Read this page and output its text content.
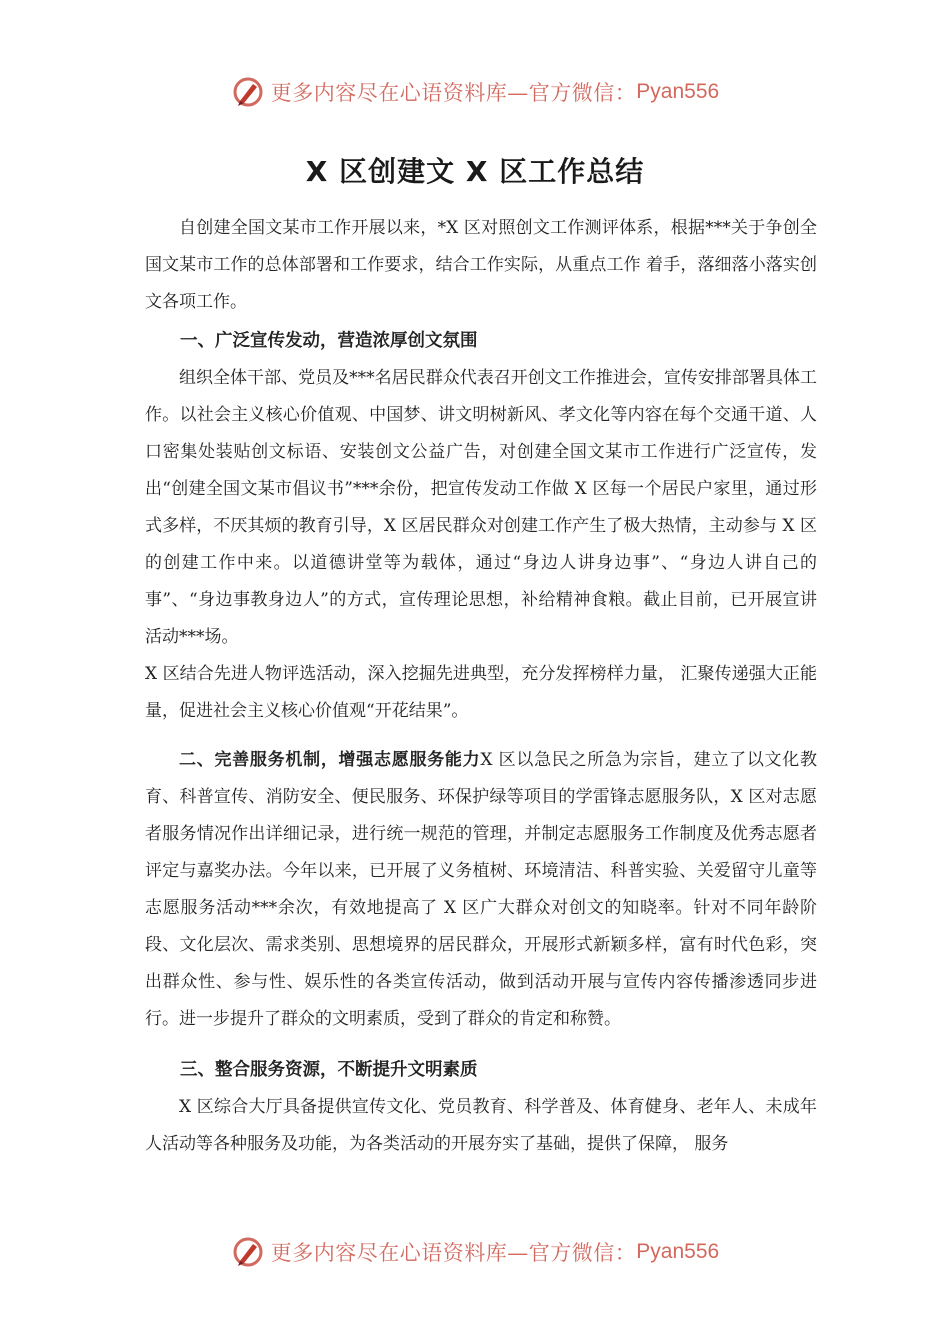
更多内容尽在心语资料库—官方微信： Pyan556
X 区创建文 X 区工作总结

自创建全国文某市工作开展以来，*X 区对照创文工作测评体系，根据***关于争创全国文某市工作的总体部署和工作要求，结合工作实际，从重点工作 着手，落细落小落实创文各项工作。

一、广泛宣传发动，营造浓厚创文氛围

组织全体干部、党员及***名居民群众代表召开创文工作推进会，宣传安排部署具体工作。以社会主义核心价值观、中国梦、讲文明树新风、孝文化等内容在每个交通干道、人口密集处装贴创文标语、安装创文公益广告，对创建全国文某市工作进行广泛宣传，发出“创建全国文某市倡议书”***余份，把宣传发动工作做 X 区每一个居民户家里，通过形式多样，不厌其烦的教育引导，X 区居民群众对创建工作产生了极大热情，主动参与 X 区的创建工作中来。以道德讲堂等为载体，通过“身边人讲身边事”、“身边人讲自己的事”、“身边事教身边人”的方式，宣传理论思想，补给精神食粮。截止目前，已开展宣讲活动***场。

X 区结合先进人物评选活动，深入挖掘先进典型，充分发挥榜样力量， 汇聚传递强大正能量，促进社会主义核心价值观“开花结果”。

二、完善服务机制，增强志愿服务能力X 区以急民之所急为宗旨，建立了以文化教育、科普宣传、消防安全、便民服务、环保护绿等项目的学雷锋志愿服务队，X 区对志愿者服务情况作出详细记录，进行统一规范的管理，并制定志愿服务工作制度及优秀志愿者评定与嘉奖办法。今年以来，已开展了义务植树、环境清洁、科普实验、关爱留守儿童等志愿服务活动***余次，有效地提高了 X 区广大群众对创文的知晓率。针对不同年龄阶段、文化层次、需求类别、思想境界的居民群众，开展形式新颖多样，富有时代色彩，突出群众性、参与性、娱乐性的各类宣传活动，做到活动开展与宣传内容传播渗透同步进行。进一步提升了群众的文明素质，受到了群众的肯定和称赞。

三、整合服务资源，不断提升文明素质

X 区综合大厅具备提供宣传文化、党员教育、科学普及、体育健身、老年人、未成年人活动等各种服务及功能，为各类活动的开展夯实了基础，提供了保障， 服务

更多内容尽在心语资料库—官方微信： Pyan556
